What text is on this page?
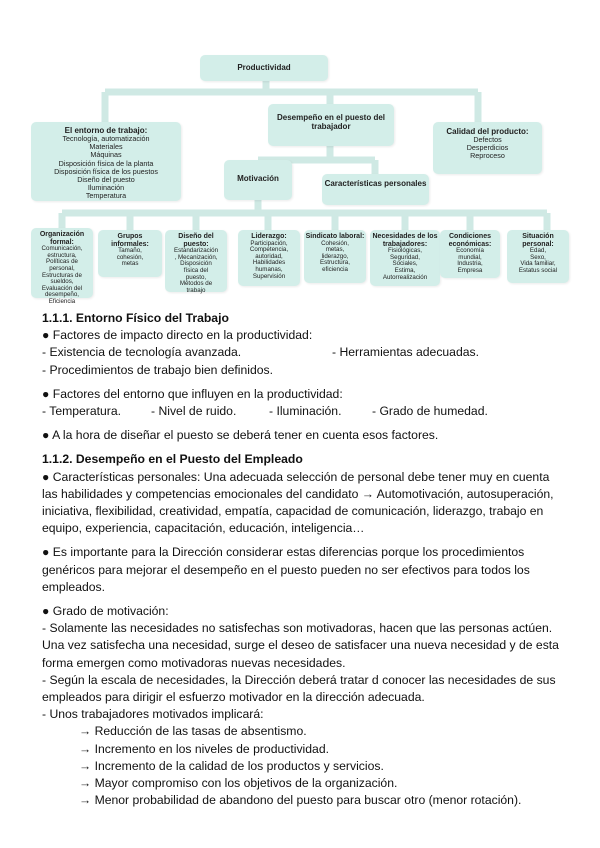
Productividad
El entorno de trabajo:
Tecnología, automatización
Materiales
Máquinas
Disposición física de la planta
Disposición física de los puestos
Diseño del puesto
Iluminación
Temperatura
Desempeño en el puesto del trabajador
Calidad del producto:
Defectos
Desperdicios
Reproceso
Motivación
Características personales
Organización formal:
Comunicación,
estructura,
Políticas de
personal,
Estructuras de
sueldos,
Evaluación del
desempeño,
Eficiencia
Grupos informales:
Tamaño,
cohesión,
metas
Diseño del puesto:
Estandarización
, Mecanización,
Disposición
física del
puesto,
Métodos de
trabajo
Liderazgo:
Participación,
Competencia,
autoridad,
Habilidades
humanas,
Supervisión
Sindicato laboral:
Cohesión,
metas,
liderazgo,
Estructura,
eficiencia
Necesidades de los trabajadores:
Fisiológicas,
Seguridad,
Sociales,
Estima,
Autorrealización
Condiciones económicas:
Economía
mundial,
Industria,
Empresa
Situación personal:
Edad,
Sexo,
Vida familiar,
Estatus social
1.1.1. Entorno Físico del Trabajo
● Factores de impacto directo en la productividad:
- Existencia de tecnología avanzada.	- Herramientas adecuadas.
- Procedimientos de trabajo bien definidos.
● Factores del entorno que influyen en la productividad:
- Temperatura.	- Nivel de ruido.	- Iluminación.	- Grado de humedad.
● A la hora de diseñar el puesto se deberá tener en cuenta esos factores.
1.1.2. Desempeño en el Puesto del Empleado
● Características personales: Una adecuada selección de personal debe tener muy en cuenta las habilidades y competencias emocionales del candidato → Automotivación, autosuperación, iniciativa, flexibilidad, creatividad, empatía, capacidad de comunicación, liderazgo, trabajo en equipo, experiencia, capacitación, educación, inteligencia…
● Es importante para la Dirección considerar estas diferencias porque los procedimientos genéricos para mejorar el desempeño en el puesto pueden no ser efectivos para todos los empleados.
● Grado de motivación:
- Solamente las necesidades no satisfechas son motivadoras, hacen que las personas actúen. Una vez satisfecha una necesidad, surge el deseo de satisfacer una nueva necesidad y de esta forma emergen como motivadoras nuevas necesidades.
- Según la escala de necesidades, la Dirección deberá tratar d conocer las necesidades de sus empleados para dirigir el esfuerzo motivador en la dirección adecuada.
- Unos trabajadores motivados implicará:
→ Reducción de las tasas de absentismo.
→ Incremento en los niveles de productividad.
→ Incremento de la calidad de los productos y servicios.
→ Mayor compromiso con los objetivos de la organización.
→ Menor probabilidad de abandono del puesto para buscar otro (menor rotación).
